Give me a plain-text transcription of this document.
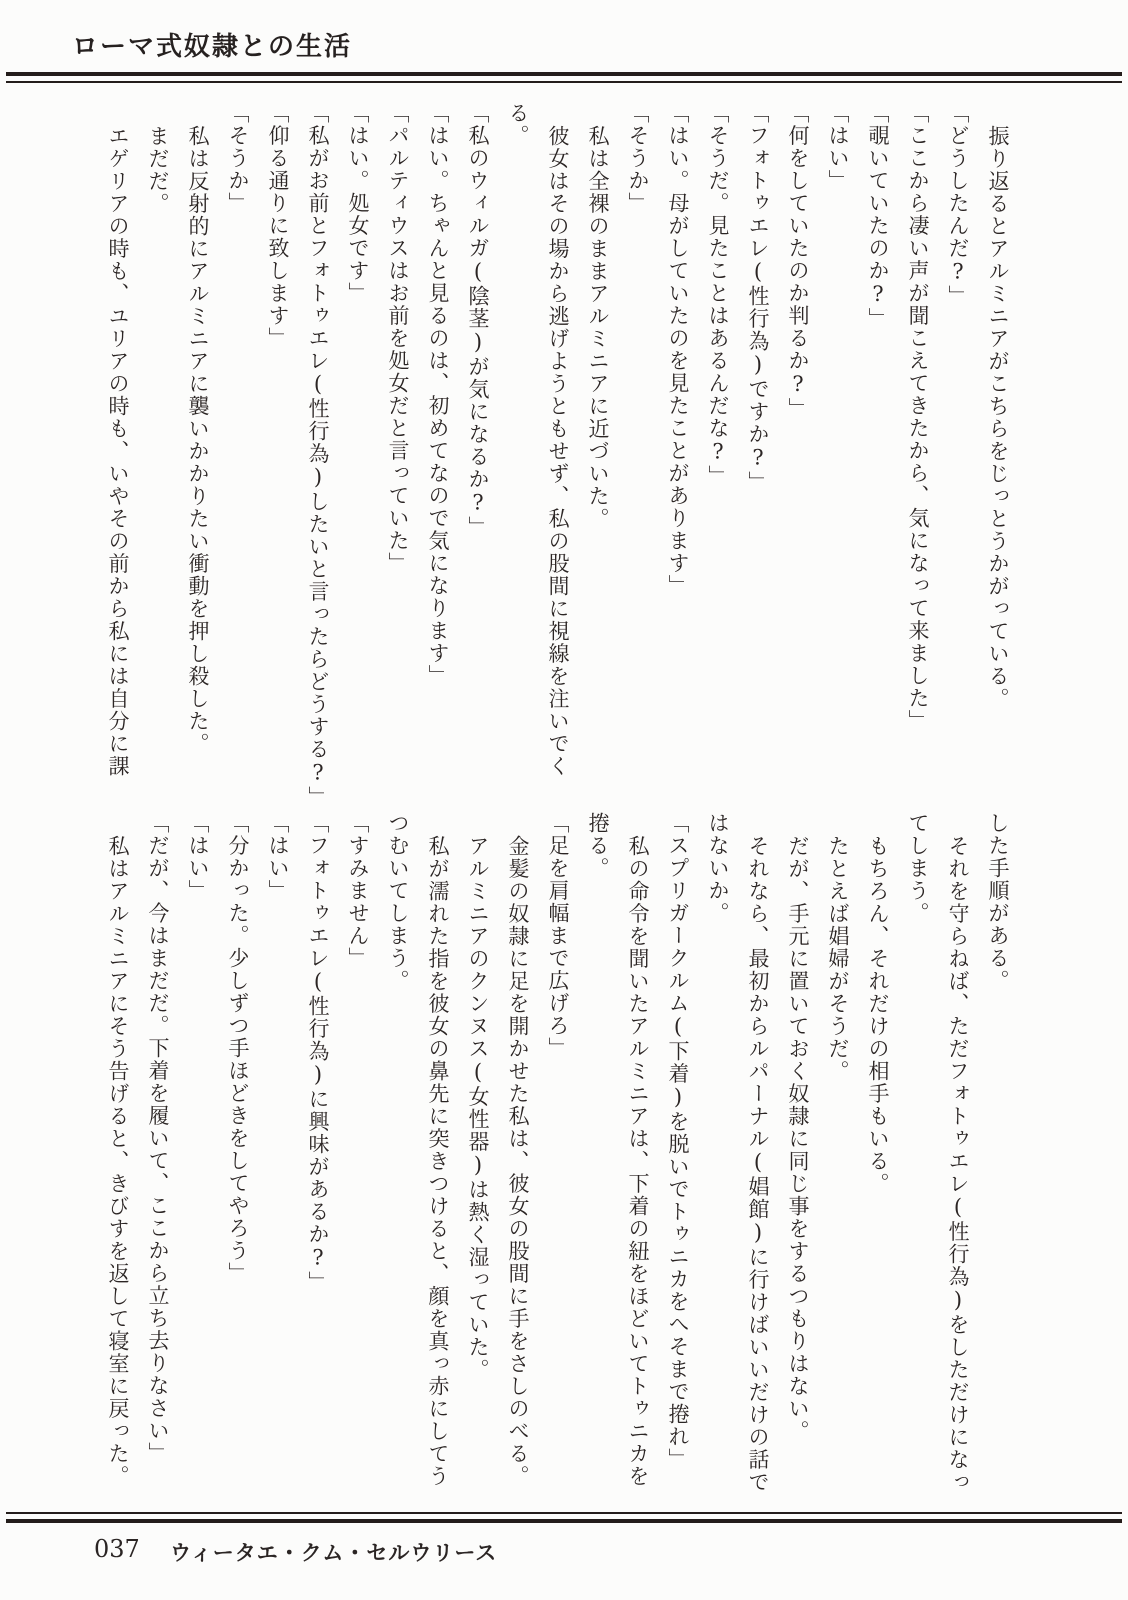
ローマ式奴隷との生活

振り返るとアルミニアがこちらをじっとうかがっている。

「どうしたんだ?」

「ここから凄い声が聞こえてきたから、気になって来ました」

「覗いていたのか?」

「はい」

「何をしていたのか判るか?」

「フォトゥエレ(性行為)ですか?」

「そうだ。見たことはあるんだな?」

「はい。母がしていたのを見たことがあります」

「そうか」

私は全裸のままアルミニアに近づいた。

彼女はその場から逃げようともせず、私の股間に視線を注いでく
る。

「私のウィルガ(陰茎)が気になるか?」

「はい。ちゃんと見るのは、初めてなので気になります」

「パルティウスはお前を処女だと言っていた」

「はい。処女です」

「私がお前とフォトゥエレ(性行為)したいと言ったらどうする?」

「仰る通りに致します」

「そうか」

私は反射的にアルミニアに襲いかかりたい衝動を押し殺した。

まだだ。

エゲリアの時も、ユリアの時も、いやその前から私には自分に課

した手順がある。

それを守らねば、ただフォトゥエレ(性行為)をしただけになっ
てしまう。

もちろん、それだけの相手もいる。

たとえば娼婦がそうだ。

だが、手元に置いておく奴隷に同じ事をするつもりはない。

それなら、最初からルパーナル(娼館)に行けばいいだけの話で
はないか。

「スプリガークルム(下着)を脱いでトゥニカをへそまで捲れ」

私の命令を聞いたアルミニアは、下着の紐をほどいてトゥニカを
捲る。

「足を肩幅まで広げろ」

金髪の奴隷に足を開かせた私は、彼女の股間に手をさしのべる。

アルミニアのクンヌス(女性器)は熱く湿っていた。

私が濡れた指を彼女の鼻先に突きつけると、顔を真っ赤にしてう
つむいてしまう。

「すみません」

「フォトゥエレ(性行為)に興味があるか?」

「はい」

「分かった。少しずつ手ほどきをしてやろう」

「はい」

「だが、今はまだだ。下着を履いて、ここから立ち去りなさい」

私はアルミニアにそう告げると、きびすを返して寝室に戻った。

037 ウィータエ・クム・セルウリース
